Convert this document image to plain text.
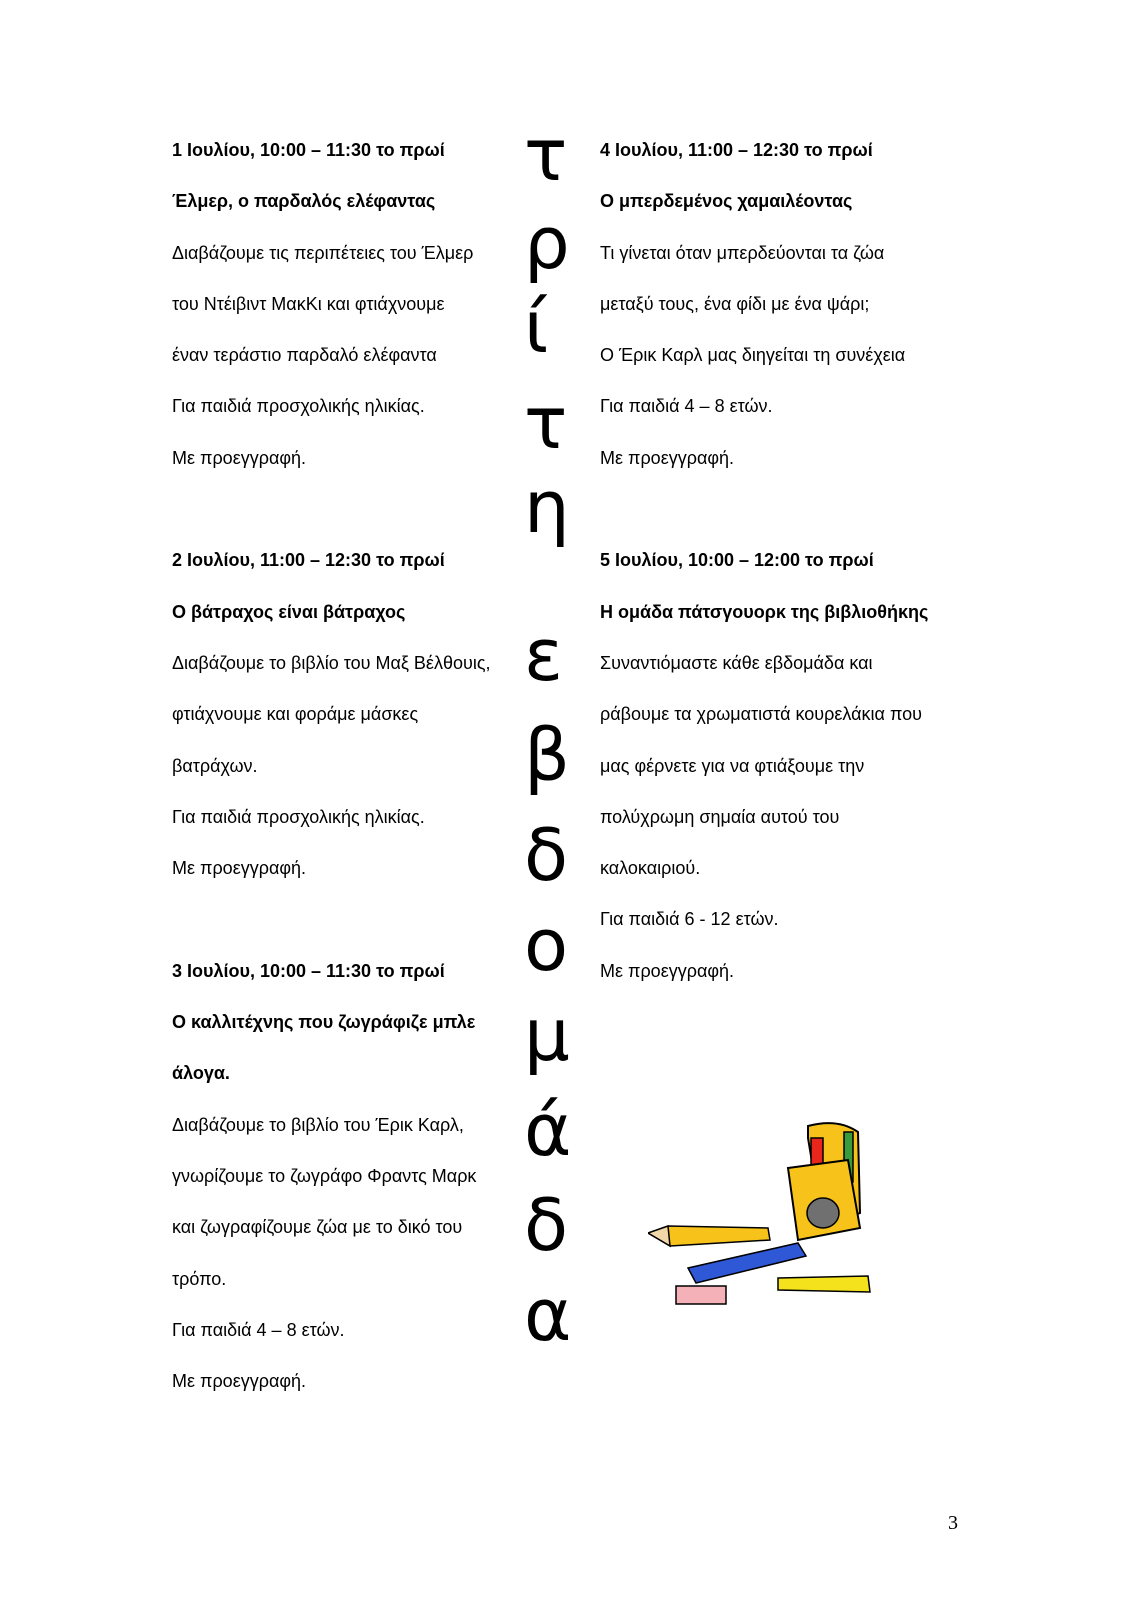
1 Ιουλίου, 10:00 – 11:30 το πρωί
Έλμερ, ο παρδαλός ελέφαντας
Διαβάζουμε τις περιπέτειες του Έλμερ
του Ντέιβιντ ΜακΚι και φτιάχνουμε
έναν τεράστιο παρδαλό ελέφαντα
Για παιδιά προσχολικής ηλικίας.
Με προεγγραφή.
2 Ιουλίου, 11:00 – 12:30 το πρωί
Ο βάτραχος είναι βάτραχος
Διαβάζουμε το βιβλίο του Μαξ Βέλθουις,
φτιάχνουμε και φοράμε μάσκες
βατράχων.
Για παιδιά προσχολικής ηλικίας.
Με προεγγραφή.
3 Ιουλίου, 10:00 – 11:30 το πρωί
Ο καλλιτέχνης που ζωγράφιζε μπλε
άλογα.
Διαβάζουμε το βιβλίο του Έρικ Καρλ,
γνωρίζουμε το ζωγράφο Φραντς Μαρκ
και ζωγραφίζουμε ζώα με το δικό του
τρόπο.
Για παιδιά 4 – 8 ετών.
Με προεγγραφή.
τ
ρ
ί
τ
η
ε
β
δ
ο
μ
ά
δ
α
4 Ιουλίου, 11:00 – 12:30 το πρωί
Ο μπερδεμένος χαμαιλέοντας
Τι γίνεται όταν μπερδεύονται τα ζώα
μεταξύ τους, ένα φίδι με ένα ψάρι;
Ο Έρικ Καρλ μας διηγείται τη συνέχεια
Για παιδιά 4 – 8 ετών.
Με προεγγραφή.
5 Ιουλίου, 10:00 – 12:00 το πρωί
Η ομάδα πάτσγουορκ της βιβλιοθήκης
Συναντιόμαστε κάθε εβδομάδα και
ράβουμε τα χρωματιστά κουρελάκια που
μας φέρνετε για να φτιάξουμε την
πολύχρωμη σημαία αυτού του
καλοκαιριού.
Για παιδιά 6 - 12 ετών.
Με προεγγραφή.
3
